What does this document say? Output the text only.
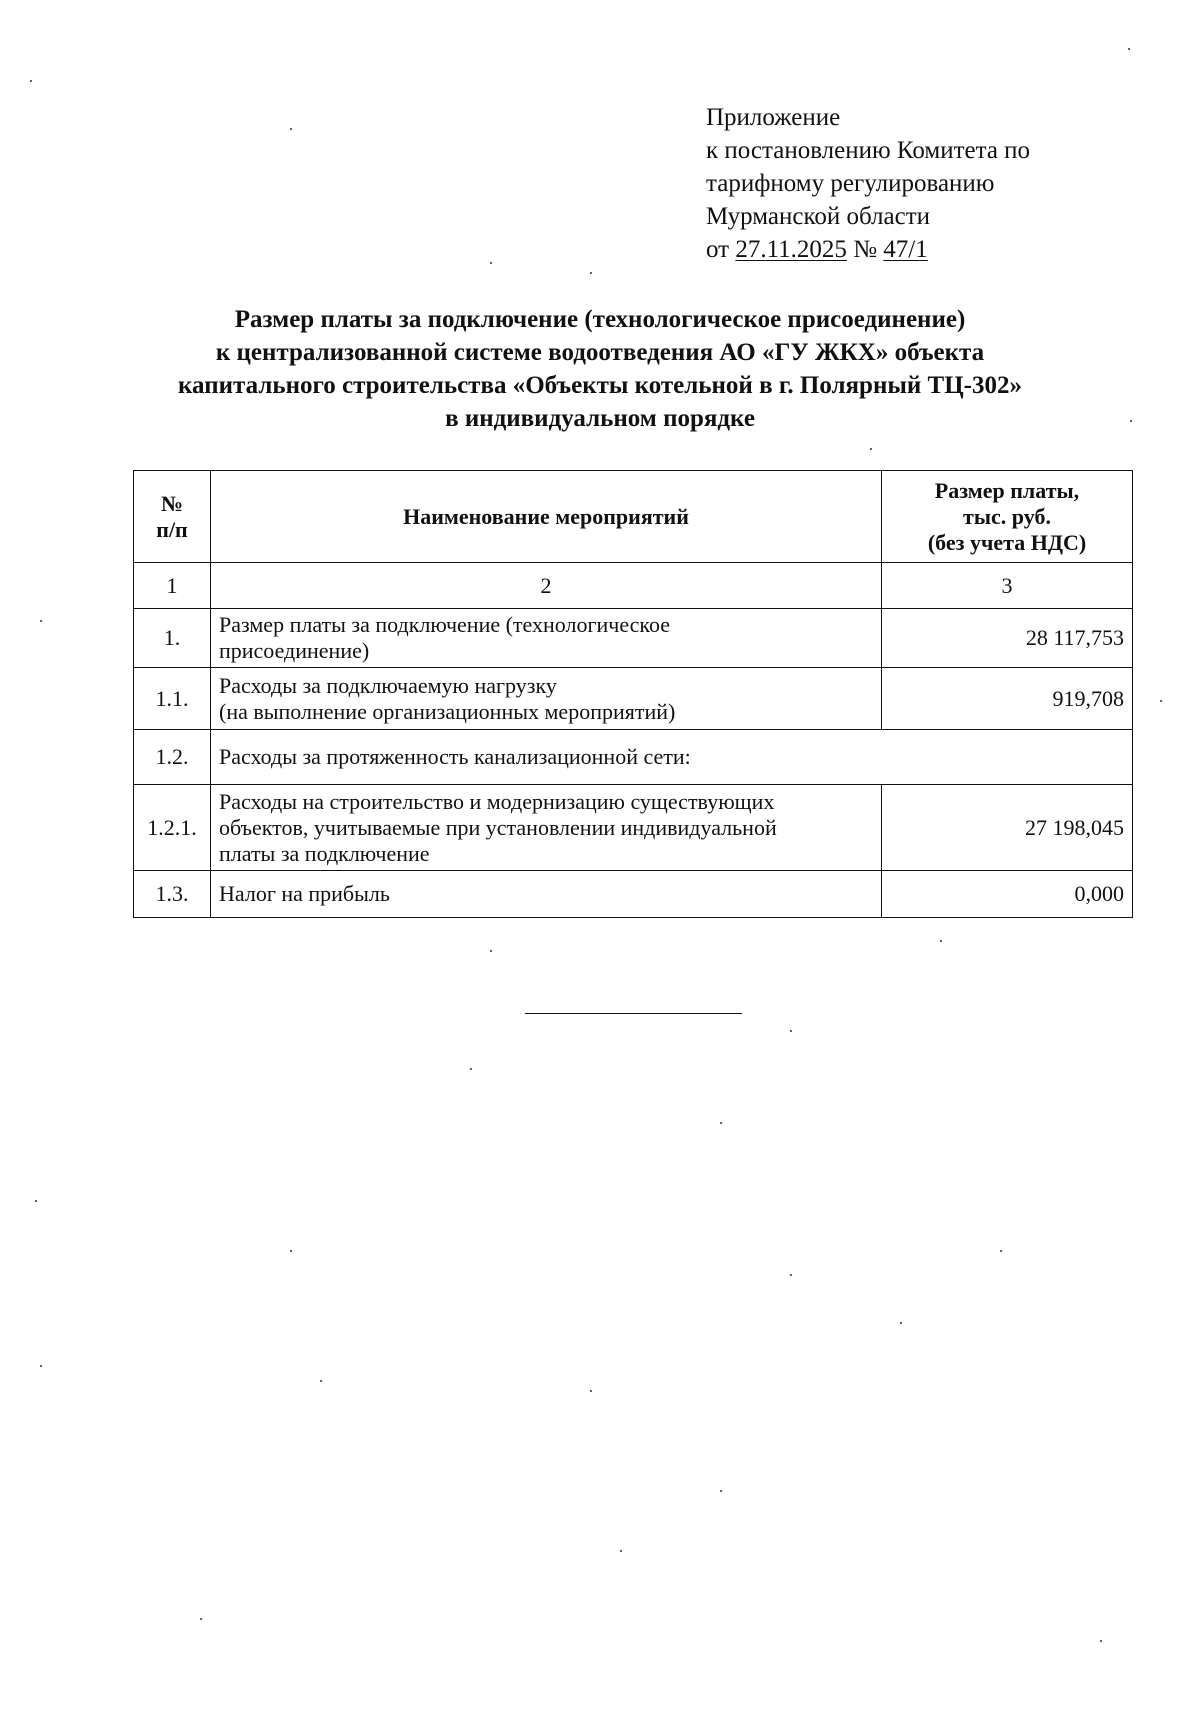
Приложение
к постановлению Комитета по
тарифному регулированию
Мурманской области
от 27.11.2025 № 47/1
Размер платы за подключение (технологическое присоединение)
к централизованной системе водоотведения АО «ГУ ЖКХ» объекта
капитального строительства «Объекты котельной в г. Полярный ТЦ-302»
в индивидуальном порядке
№
п/п	Наименование мероприятий	Размер платы,
тыс. руб.
(без учета НДС)

1	2	3
1.	Размер платы за подключение (технологическое
присоединение)	28 117,753
1.1.	Расходы за подключаемую нагрузку
(на выполнение организационных мероприятий)	919,708
1.2.	Расходы за протяженность канализационной сети:	

1.2.1.	Расходы на строительство и модернизацию существующих
объектов, учитываемые при установлении индивидуальной
платы за подключение	27 198,045
1.3.	Налог на прибыль	0,000
